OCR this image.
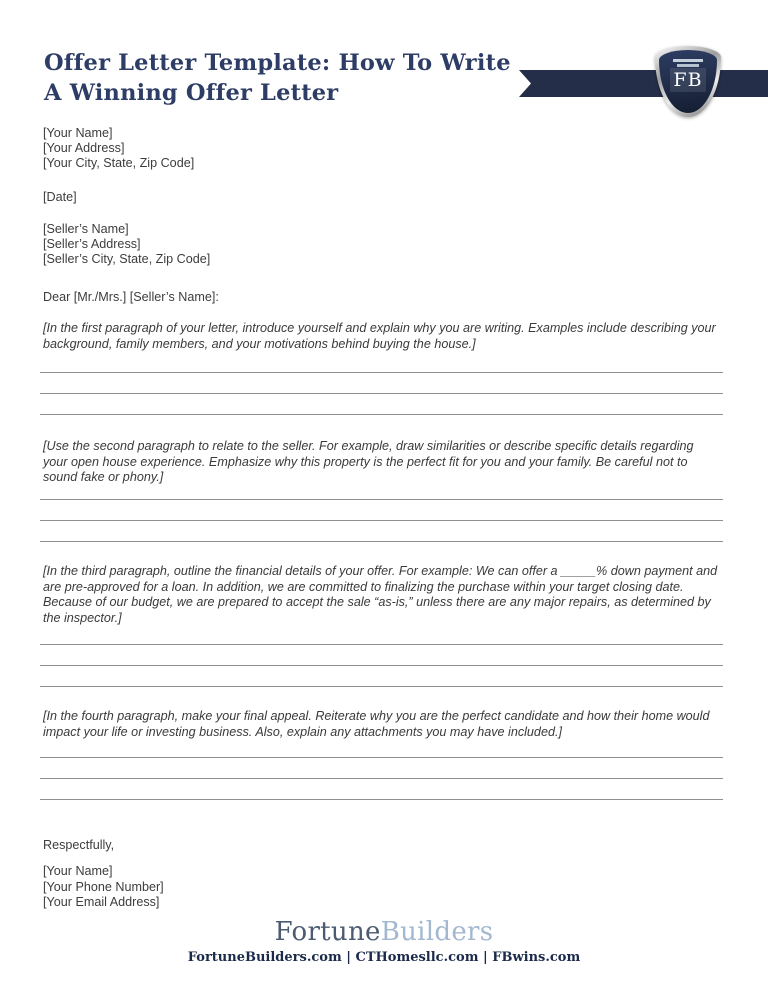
Offer Letter Template: How To Write
A Winning Offer Letter	FB

[Your Name]

[Your Address]

[Your City, State, Zip Code]

[Date]

[Seller’s Name]

[Seller’s Address]

[Seller’s City, State, Zip Code]

Dear [Mr./Mrs.] [Seller’s Name]:

[In the first paragraph of your letter, introduce yourself and explain why you are writing. Examples include describing your background, family members, and your motivations behind buying the house.]
[Use the second paragraph to relate to the seller. For example, draw similarities or describe specific details regarding your open house experience. Emphasize why this property is the perfect fit for you and your family. Be careful not to sound fake or phony.]
[In the third paragraph, outline the financial details of your offer. For example: We can offer a _____% down payment and are pre-approved for a loan. In addition, we are committed to finalizing the purchase within your target closing date. Because of our budget, we are prepared to accept the sale “as-is,” unless there are any major repairs, as determined by the inspector.]
[In the fourth paragraph, make your final appeal. Reiterate why you are the perfect candidate and how their home would impact your life or investing business. Also, explain any attachments you may have included.]

Respectfully,

[Your Name]

[Your Phone Number]

[Your Email Address]

FortuneBuilders
FortuneBuilders.com | CTHomesllc.com | FBwins.com
